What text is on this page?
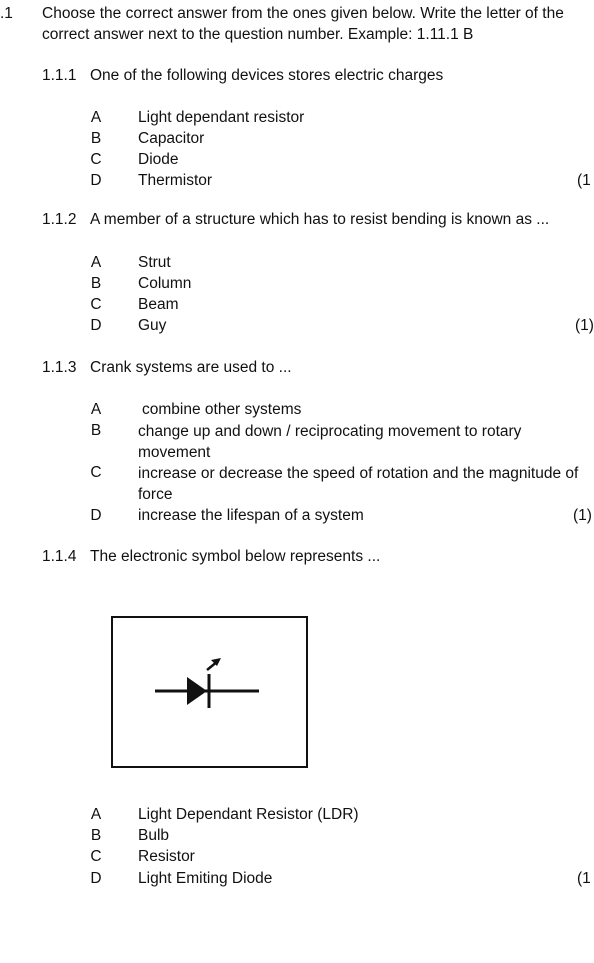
.1 Choose the correct answer from the ones given below. Write the letter of the
correct answer next to the question number. Example: 1.11.1 B
1.1.1 One of the following devices stores electric charges
A Light dependant resistor
B Capacitor
C Diode
D Thermistor	(1
1.1.2 A member of a structure which has to resist bending is known as ...
A Strut
B Column
C Beam
D Guy	(1)
1.1.3 Crank systems are used to ...
A	combine other systems
B change up and down / reciprocating movement to rotary movement
C increase or decrease the speed of rotation and the magnitude of force
D increase the lifespan of a system	(1)
1.1.4 The electronic symbol below represents ...
A Light Dependant Resistor (LDR)
B Bulb
C Resistor
D Light Emiting Diode	(1
